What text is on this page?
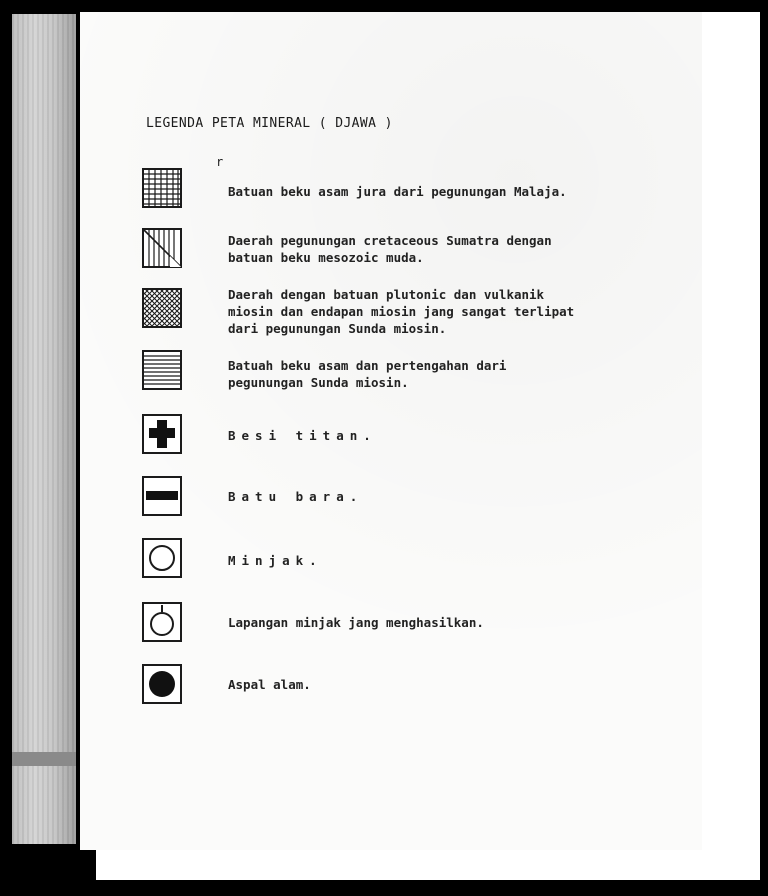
LEGENDA PETA MINERAL ( DJAWA )
r
Batuan beku asam jura dari pegunungan Malaja.
Daerah pegunungan cretaceous Sumatra dengan
batuan beku mesozoic muda.
Daerah dengan batuan plutonic dan vulkanik
miosin dan endapan miosin jang sangat terlipat
dari pegunungan Sunda miosin.
Batuah beku asam dan pertengahan dari
pegunungan Sunda miosin.
Besi titan.
Batu bara.
Minjak.
Lapangan minjak jang menghasilkan.
Aspal alam.
